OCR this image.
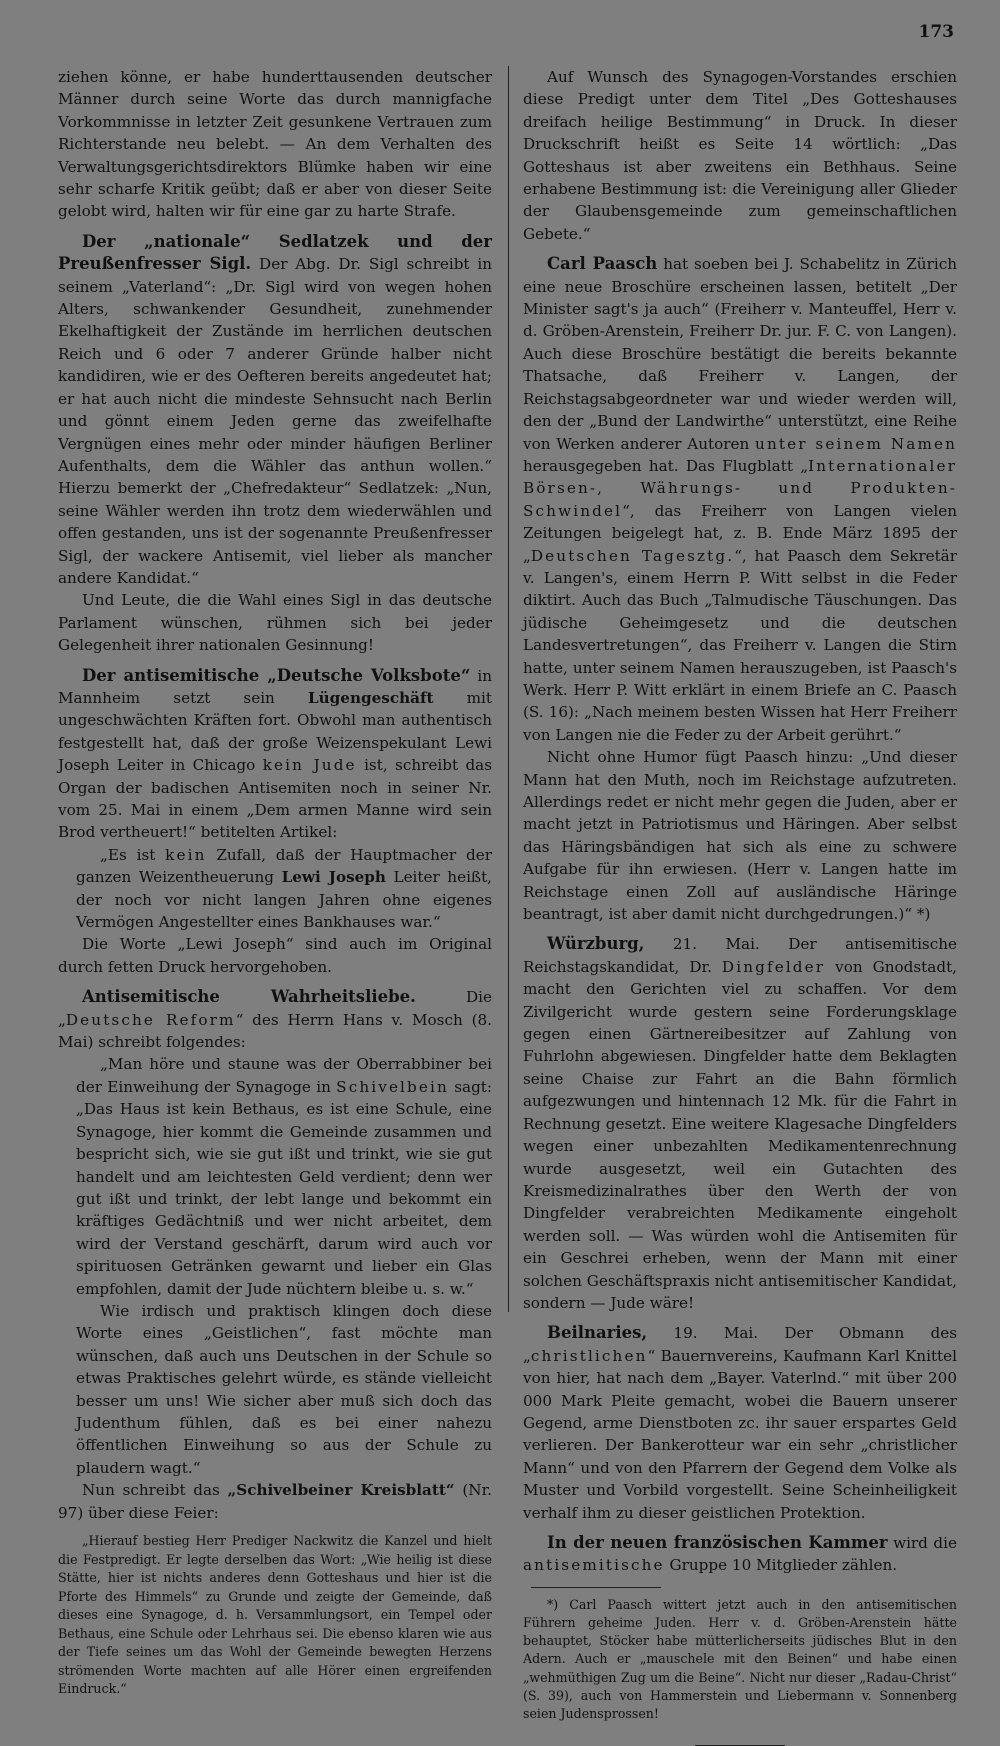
173

ziehen könne, er habe hunderttausenden deutscher Männer durch seine Worte das durch mannigfache Vorkommnisse in letzter Zeit gesunkene Vertrauen zum Richterstande neu belebt. — An dem Verhalten des Verwaltungsgerichtsdirektors Blümke haben wir eine sehr scharfe Kritik geübt; daß er aber von dieser Seite gelobt wird, halten wir für eine gar zu harte Strafe.

Der „nationale“ Sedlatzek und der Preußenfresser Sigl. Der Abg. Dr. Sigl schreibt in seinem „Vaterland“: „Dr. Sigl wird von wegen hohen Alters, schwankender Gesundheit, zunehmender Ekelhaftigkeit der Zustände im herrlichen deutschen Reich und 6 oder 7 anderer Gründe halber nicht kandidiren, wie er des Oefteren bereits angedeutet hat; er hat auch nicht die mindeste Sehnsucht nach Berlin und gönnt einem Jeden gerne das zweifelhafte Vergnügen eines mehr oder minder häufigen Berliner Aufenthalts, dem die Wähler das anthun wollen.“ Hierzu bemerkt der „Chefredakteur“ Sedlatzek: „Nun, seine Wähler werden ihn trotz dem wiederwählen und offen gestanden, uns ist der sogenannte Preußenfresser Sigl, der wackere Antisemit, viel lieber als mancher andere Kandidat.“

Und Leute, die die Wahl eines Sigl in das deutsche Parlament wünschen, rühmen sich bei jeder Gelegenheit ihrer nationalen Gesinnung!

Der antisemitische „Deutsche Volksbote“ in Mannheim setzt sein Lügengeschäft mit ungeschwächten Kräften fort. Obwohl man authentisch festgestellt hat, daß der große Weizenspekulant Lewi Joseph Leiter in Chicago kein Jude ist, schreibt das Organ der badischen Antisemiten noch in seiner Nr. vom 25. Mai in einem „Dem armen Manne wird sein Brod vertheuert!“ betitelten Artikel:

„Es ist kein Zufall, daß der Hauptmacher der ganzen Weizentheuerung Lewi Joseph Leiter heißt, der noch vor nicht langen Jahren ohne eigenes Vermögen Angestellter eines Bankhauses war.“

Die Worte „Lewi Joseph“ sind auch im Original durch fetten Druck hervorgehoben.

Antisemitische Wahrheitsliebe. Die „Deutsche Reform“ des Herrn Hans v. Mosch (8. Mai) schreibt folgendes:

„Man höre und staune was der Oberrabbiner bei der Einweihung der Synagoge in Schivelbein sagt: „Das Haus ist kein Bethaus, es ist eine Schule, eine Synagoge, hier kommt die Gemeinde zusammen und bespricht sich, wie sie gut ißt und trinkt, wie sie gut handelt und am leichtesten Geld verdient; denn wer gut ißt und trinkt, der lebt lange und bekommt ein kräftiges Gedächtniß und wer nicht arbeitet, dem wird der Verstand geschärft, darum wird auch vor spirituosen Getränken gewarnt und lieber ein Glas empfohlen, damit der Jude nüchtern bleibe u. s. w.“

Wie irdisch und praktisch klingen doch diese Worte eines „Geistlichen“, fast möchte man wünschen, daß auch uns Deutschen in der Schule so etwas Praktisches gelehrt würde, es stände vielleicht besser um uns! Wie sicher aber muß sich doch das Judenthum fühlen, daß es bei einer nahezu öffentlichen Einweihung so aus der Schule zu plaudern wagt.“

Nun schreibt das „Schivelbeiner Kreisblatt“ (Nr. 97) über diese Feier:

„Hierauf bestieg Herr Prediger Nackwitz die Kanzel und hielt die Festpredigt. Er legte derselben das Wort: „Wie heilig ist diese Stätte, hier ist nichts anderes denn Gotteshaus und hier ist die Pforte des Himmels“ zu Grunde und zeigte der Gemeinde, daß dieses eine Synagoge, d. h. Versammlungsort, ein Tempel oder Bethaus, eine Schule oder Lehrhaus sei. Die ebenso klaren wie aus der Tiefe seines um das Wohl der Gemeinde bewegten Herzens strömenden Worte machten auf alle Hörer einen ergreifenden Eindruck.“

Auf Wunsch des Synagogen-Vorstandes erschien diese Predigt unter dem Titel „Des Gotteshauses dreifach heilige Bestimmung“ in Druck. In dieser Druckschrift heißt es Seite 14 wörtlich: „Das Gotteshaus ist aber zweitens ein Bethhaus. Seine erhabene Bestimmung ist: die Vereinigung aller Glieder der Glaubensgemeinde zum gemeinschaftlichen Gebete.“

Carl Paasch hat soeben bei J. Schabelitz in Zürich eine neue Broschüre erscheinen lassen, betitelt „Der Minister sagt's ja auch“ (Freiherr v. Manteuffel, Herr v. d. Gröben-Arenstein, Freiherr Dr. jur. F. C. von Langen). Auch diese Broschüre bestätigt die bereits bekannte Thatsache, daß Freiherr v. Langen, der Reichstagsabgeordneter war und wieder werden will, den der „Bund der Landwirthe“ unterstützt, eine Reihe von Werken anderer Autoren unter seinem Namen herausgegeben hat. Das Flugblatt „Internationaler Börsen-, Währungs- und Produkten-Schwindel“, das Freiherr von Langen vielen Zeitungen beigelegt hat, z. B. Ende März 1895 der „Deutschen Tagesztg.“, hat Paasch dem Sekretär v. Langen's, einem Herrn P. Witt selbst in die Feder diktirt. Auch das Buch „Talmudische Täuschungen. Das jüdische Geheimgesetz und die deutschen Landesvertretungen“, das Freiherr v. Langen die Stirn hatte, unter seinem Namen herauszugeben, ist Paasch's Werk. Herr P. Witt erklärt in einem Briefe an C. Paasch (S. 16): „Nach meinem besten Wissen hat Herr Freiherr von Langen nie die Feder zu der Arbeit gerührt.“

Nicht ohne Humor fügt Paasch hinzu: „Und dieser Mann hat den Muth, noch im Reichstage aufzutreten. Allerdings redet er nicht mehr gegen die Juden, aber er macht jetzt in Patriotismus und Häringen. Aber selbst das Häringsbändigen hat sich als eine zu schwere Aufgabe für ihn erwiesen. (Herr v. Langen hatte im Reichstage einen Zoll auf ausländische Häringe beantragt, ist aber damit nicht durchgedrungen.)“ *)

Würzburg, 21. Mai. Der antisemitische Reichstagskandidat, Dr. Dingfelder von Gnodstadt, macht den Gerichten viel zu schaffen. Vor dem Zivilgericht wurde gestern seine Forderungsklage gegen einen Gärtnereibesitzer auf Zahlung von Fuhrlohn abgewiesen. Dingfelder hatte dem Beklagten seine Chaise zur Fahrt an die Bahn förmlich aufgezwungen und hintennach 12 Mk. für die Fahrt in Rechnung gesetzt. Eine weitere Klagesache Dingfelders wegen einer unbezahlten Medikamentenrechnung wurde ausgesetzt, weil ein Gutachten des Kreismedizinalrathes über den Werth der von Dingfelder verabreichten Medikamente eingeholt werden soll. — Was würden wohl die Antisemiten für ein Geschrei erheben, wenn der Mann mit einer solchen Geschäftspraxis nicht antisemitischer Kandidat, sondern — Jude wäre!

Beilnaries, 19. Mai. Der Obmann des „christlichen“ Bauernvereins, Kaufmann Karl Knittel von hier, hat nach dem „Bayer. Vaterlnd.“ mit über 200 000 Mark Pleite gemacht, wobei die Bauern unserer Gegend, arme Dienstboten zc. ihr sauer erspartes Geld verlieren. Der Bankerotteur war ein sehr „christlicher Mann“ und von den Pfarrern der Gegend dem Volke als Muster und Vorbild vorgestellt. Seine Scheinheiligkeit verhalf ihm zu dieser geistlichen Protektion.

In der neuen französischen Kammer wird die antisemitische Gruppe 10 Mitglieder zählen.

*) Carl Paasch wittert jetzt auch in den antisemitischen Führern geheime Juden. Herr v. d. Gröben-Arenstein hätte behauptet, Stöcker habe mütterlicherseits jüdisches Blut in den Adern. Auch er „mauschele mit den Beinen“ und habe einen „wehmüthigen Zug um die Beine“. Nicht nur dieser „Radau-Christ“ (S. 39), auch von Hammerstein und Liebermann v. Sonnenberg seien Judensprossen!
